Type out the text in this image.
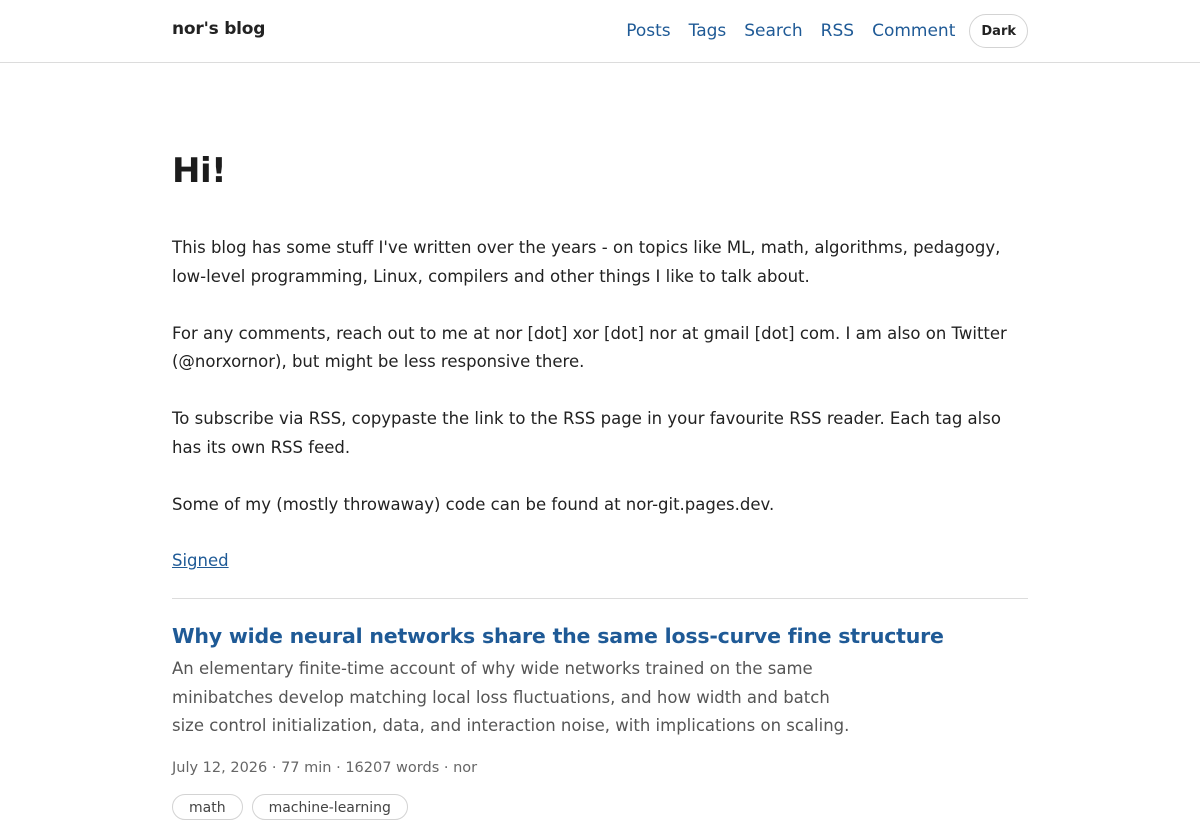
nor's blog	Posts Tags Search RSS Comment	Dark
Hi!

This blog has some stuff I've written over the years - on topics like ML, math, algorithms, pedagogy, low-level programming, Linux, compilers and other things I like to talk about.

For any comments, reach out to me at nor [dot] xor [dot] nor at gmail [dot] com. I am also on Twitter (@norxornor), but might be less responsive there.

To subscribe via RSS, copypaste the link to the RSS page in your favourite RSS reader. Each tag also has its own RSS feed.

Some of my (mostly throwaway) code can be found at nor-git.pages.dev.

Signed
Why wide neural networks share the same loss-curve fine structure
An elementary finite-time account of why wide networks trained on the same minibatches develop matching local loss fluctuations, and how width and batch size control initialization, data, and interaction noise, with implications on scaling.
July 12, 2026 · 77 min · 16207 words · nor
math	machine-learning
